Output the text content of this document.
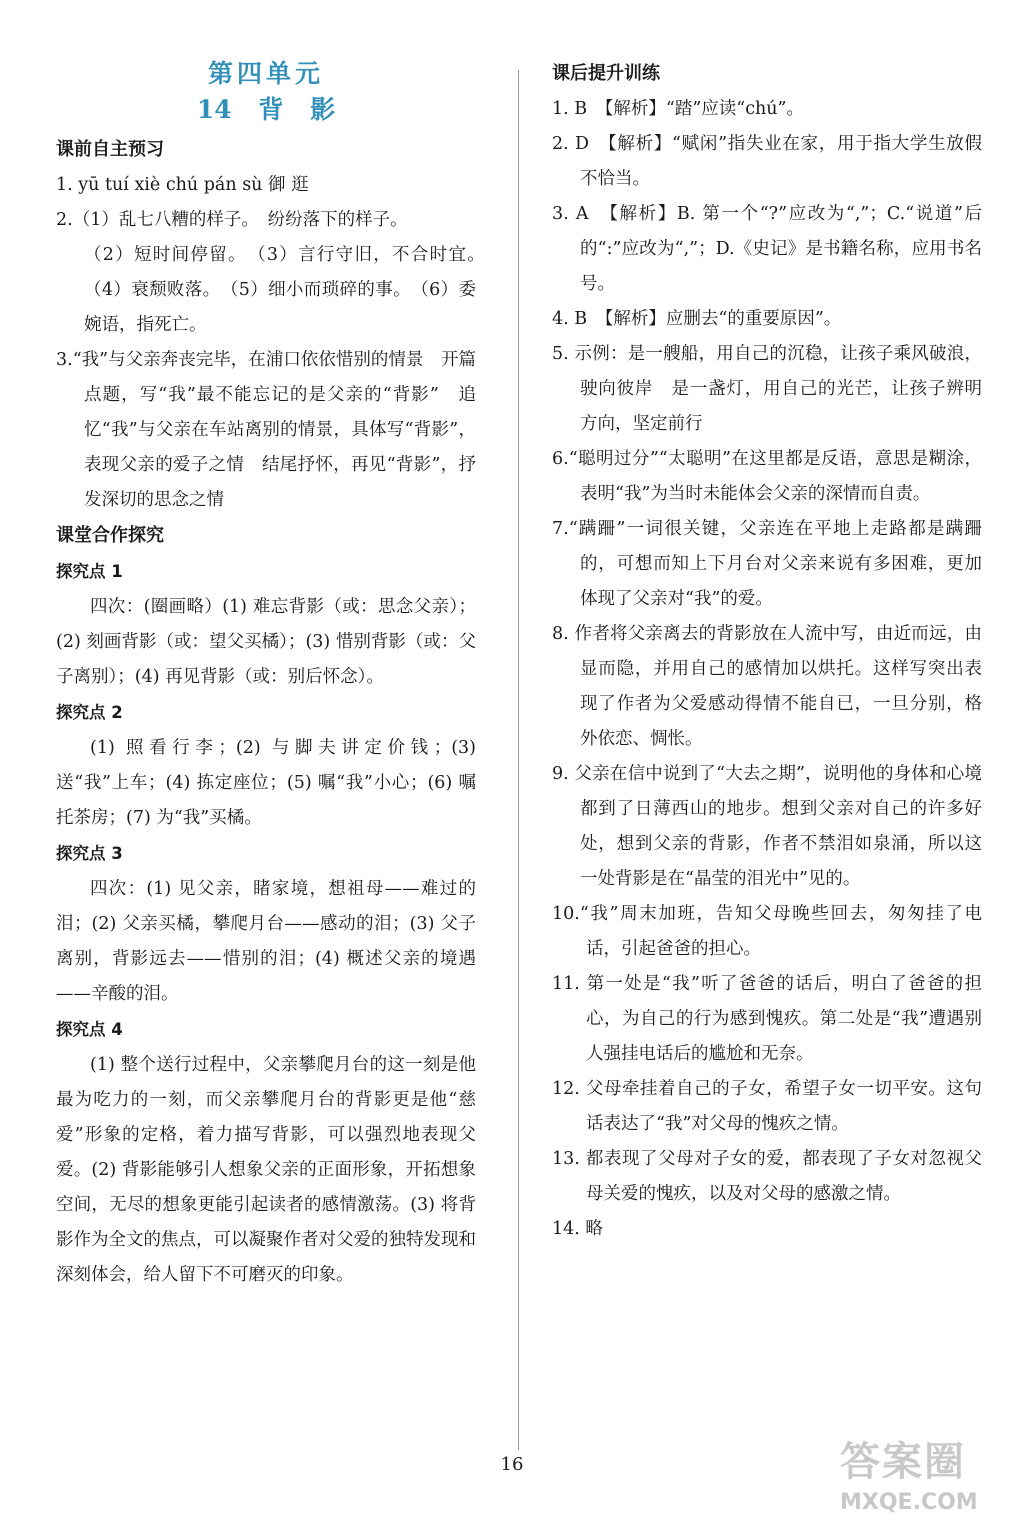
第四单元
14 背 影
课前自主预习
1. yū tuí xiè chú pán sù 御 逛
2.（1）乱七八糟的样子。　纷纷落下的样子。
（2）短时间停留。　（3）言行守旧，不合时宜。　（4）衰颓败落。　（5）细小而琐碎的事。　（6）委婉语，指死亡。
3.“我”与父亲奔丧完毕，在浦口依依惜别的情景　开篇点题，写“我”最不能忘记的是父亲的“背影”　追忆“我”与父亲在车站离别的情景，具体写“背影”，表现父亲的爱子之情　结尾抒怀，再见“背影”，抒发深切的思念之情
课堂合作探究
探究点 1
四次：(圈画略）(1) 难忘背影（或：思念父亲）；(2) 刻画背影（或：望父买橘）；(3) 惜别背影（或：父子离别）；(4) 再见背影（或：别后怀念）。
探究点 2
(1) 照看行李；(2) 与脚夫讲定价钱；(3) 送“我”上车；(4) 拣定座位；(5) 嘱“我”小心；(6) 嘱托茶房；(7) 为“我”买橘。
探究点 3
四次：(1) 见父亲，睹家境，想祖母——难过的泪；(2) 父亲买橘，攀爬月台——感动的泪；(3) 父子离别，背影远去——惜别的泪；(4) 概述父亲的境遇——辛酸的泪。
探究点 4
(1) 整个送行过程中，父亲攀爬月台的这一刻是他最为吃力的一刻，而父亲攀爬月台的背影更是他“慈爱”形象的定格，着力描写背影，可以强烈地表现父爱。(2) 背影能够引人想象父亲的正面形象，开拓想象空间，无尽的想象更能引起读者的感情激荡。(3) 将背影作为全文的焦点，可以凝聚作者对父爱的独特发现和深刻体会，给人留下不可磨灭的印象。
课后提升训练
1. B　【解析】“踏”应读“chú”。
2. D　【解析】“赋闲”指失业在家，用于指大学生放假不恰当。
3. A　【解析】B. 第一个“?”应改为“,”；C.“说道”后的“:”应改为“,”；D.《史记》是书籍名称，应用书名号。
4. B　【解析】应删去“的重要原因”。
5. 示例：是一艘船，用自己的沉稳，让孩子乘风破浪，驶向彼岸　是一盏灯，用自己的光芒，让孩子辨明方向，坚定前行
6.“聪明过分”“太聪明”在这里都是反语，意思是糊涂，表明“我”为当时未能体会父亲的深情而自责。
7.“蹒跚”一词很关键，父亲连在平地上走路都是蹒跚的，可想而知上下月台对父亲来说有多困难，更加体现了父亲对“我”的爱。
8. 作者将父亲离去的背影放在人流中写，由近而远，由显而隐，并用自己的感情加以烘托。这样写突出表现了作者为父爱感动得情不能自已，一旦分别，格外依恋、惆怅。
9. 父亲在信中说到了“大去之期”，说明他的身体和心境都到了日薄西山的地步。想到父亲对自己的许多好处，想到父亲的背影，作者不禁泪如泉涌，所以这一处背影是在“晶莹的泪光中”见的。
10.“我”周末加班，告知父母晚些回去，匆匆挂了电话，引起爸爸的担心。
11. 第一处是“我”听了爸爸的话后，明白了爸爸的担心，为自己的行为感到愧疚。第二处是“我”遭遇别人强挂电话后的尴尬和无奈。
12. 父母牵挂着自己的子女，希望子女一切平安。这句话表达了“我”对父母的愧疚之情。
13. 都表现了父母对子女的爱，都表现了子女对忽视父母关爱的愧疚，以及对父母的感激之情。
14. 略
16	答案圈
MXQE.COM
